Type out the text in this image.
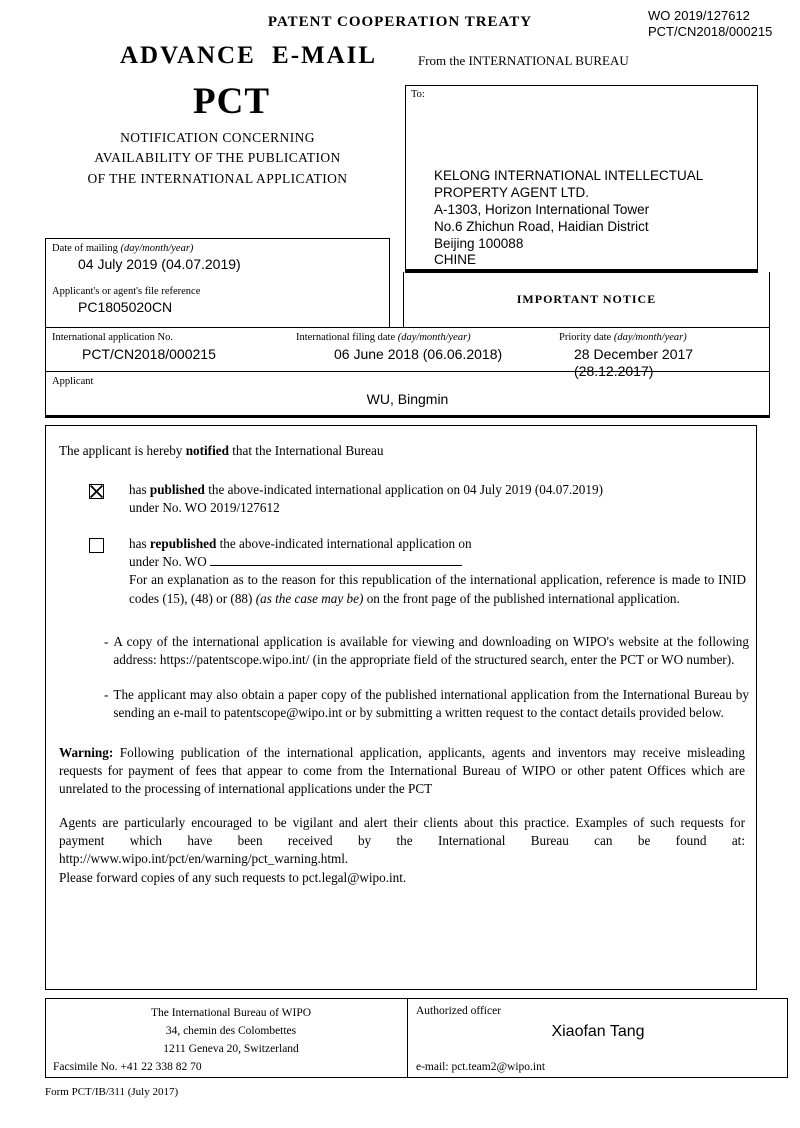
PATENT COOPERATION TREATY	WO 2019/127612
PCT/CN2018/000215
ADVANCE E-MAIL	From the INTERNATIONAL BUREAU
PCT
NOTIFICATION CONCERNING
AVAILABILITY OF THE PUBLICATION
OF THE INTERNATIONAL APPLICATION
To:
KELONG INTERNATIONAL INTELLECTUAL
PROPERTY AGENT LTD.
A-1303, Horizon International Tower
No.6 Zhichun Road, Haidian District
Beijing 100088
CHINE
Date of mailing (day/month/year)
04 July 2019 (04.07.2019)
Applicant's or agent's file reference
PC1805020CN	IMPORTANT NOTICE
International application No.
PCT/CN2018/000215
International filing date (day/month/year)
06 June 2018 (06.06.2018)
Priority date (day/month/year)
28 December 2017 (28.12.2017)
Applicant
WU, Bingmin

The applicant is hereby notified that the International Bureau

has published the above-indicated international application on 04 July 2019 (04.07.2019)

under No. WO 2019/127612

has republished the above-indicated international application on

under No. WO

For an explanation as to the reason for this republication of the international application, reference is made to INID codes (15), (48) or (88) (as the case may be) on the front page of the published international application.

- A copy of the international application is available for viewing and downloading on WIPO's website at the following address: https://patentscope.wipo.int/ (in the appropriate field of the structured search, enter the PCT or WO number).

- The applicant may also obtain a paper copy of the published international application from the International Bureau by sending an e-mail to patentscope@wipo.int or by submitting a written request to the contact details provided below.

Warning: Following publication of the international application, applicants, agents and inventors may receive misleading requests for payment of fees that appear to come from the International Bureau of WIPO or other patent Offices which are unrelated to the processing of international applications under the PCT

Agents are particularly encouraged to be vigilant and alert their clients about this practice. Examples of such requests for payment which have been received by the International Bureau can be found at: http://www.wipo.int/pct/en/warning/pct_warning.html.

Please forward copies of any such requests to pct.legal@wipo.int.

The International Bureau of WIPO
34, chemin des Colombettes
1211 Geneva 20, Switzerland
Facsimile No. +41 22 338 82 70
Authorized officer
Xiaofan Tang
e-mail: pct.team2@wipo.int
Form PCT/IB/311 (July 2017)
